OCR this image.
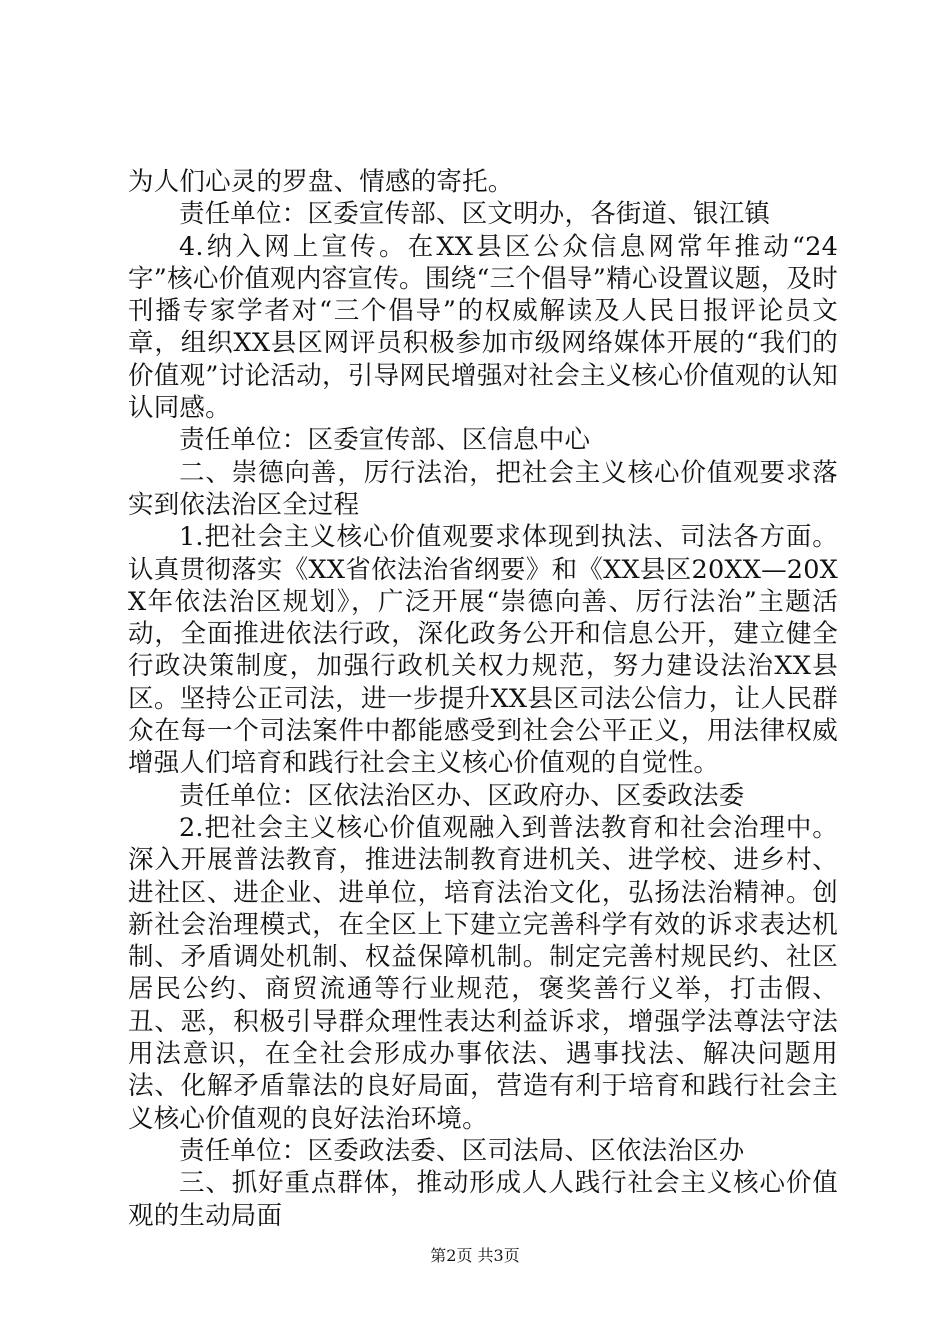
为人们心灵的罗盘、情感的寄托。

责任单位：区委宣传部、区文明办，各街道、银江镇

4.纳入网上宣传。在XX县区公众信息网常年推动“24字”核心价值观内容宣传。围绕“三个倡导”精心设置议题，及时刊播专家学者对“三个倡导”的权威解读及人民日报评论员文章，组织XX县区网评员积极参加市级网络媒体开展的“我们的价值观”讨论活动，引导网民增强对社会主义核心价值观的认知认同感。

责任单位：区委宣传部、区信息中心

二、崇德向善，厉行法治，把社会主义核心价值观要求落实到依法治区全过程

1.把社会主义核心价值观要求体现到执法、司法各方面。认真贯彻落实《XX省依法治省纲要》和《XX县区20XX—20XX年依法治区规划》，广泛开展“崇德向善、厉行法治”主题活动，全面推进依法行政，深化政务公开和信息公开，建立健全行政决策制度，加强行政机关权力规范，努力建设法治XX县区。坚持公正司法，进一步提升XX县区司法公信力，让人民群众在每一个司法案件中都能感受到社会公平正义，用法律权威增强人们培育和践行社会主义核心价值观的自觉性。

责任单位：区依法治区办、区政府办、区委政法委

2.把社会主义核心价值观融入到普法教育和社会治理中。深入开展普法教育，推进法制教育进机关、进学校、进乡村、进社区、进企业、进单位，培育法治文化，弘扬法治精神。创新社会治理模式，在全区上下建立完善科学有效的诉求表达机制、矛盾调处机制、权益保障机制。制定完善村规民约、社区居民公约、商贸流通等行业规范，褒奖善行义举，打击假、丑、恶，积极引导群众理性表达利益诉求，增强学法尊法守法用法意识，在全社会形成办事依法、遇事找法、解决问题用法、化解矛盾靠法的良好局面，营造有利于培育和践行社会主义核心价值观的良好法治环境。

责任单位：区委政法委、区司法局、区依法治区办

三、抓好重点群体，推动形成人人践行社会主义核心价值观的生动局面

第2页 共3页
